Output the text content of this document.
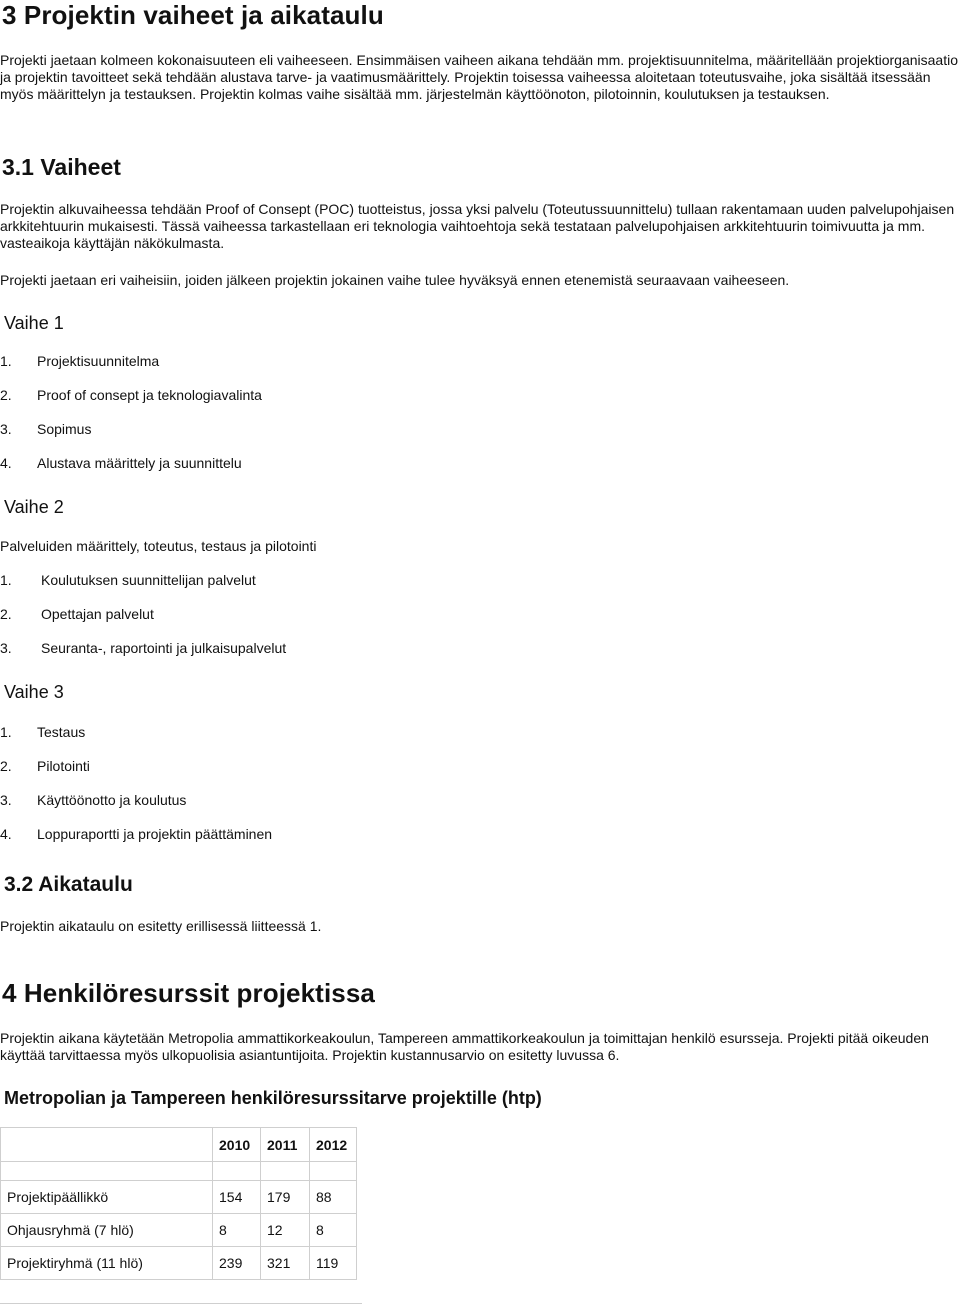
3 Projektin vaiheet ja aikataulu

Projekti jaetaan kolmeen kokonaisuuteen eli vaiheeseen. Ensimmäisen vaiheen aikana tehdään mm. projektisuunnitelma, määritellään projektiorganisaatio ja projektin tavoitteet sekä tehdään alustava tarve- ja vaatimusmäärittely. Projektin toisessa vaiheessa aloitetaan toteutusvaihe, joka sisältää itsessään myös määrittelyn ja testauksen. Projektin kolmas vaihe sisältää mm. järjestelmän käyttöönoton, pilotoinnin, koulutuksen ja testauksen.

3.1 Vaiheet

Projektin alkuvaiheessa tehdään Proof of Consept (POC) tuotteistus, jossa yksi palvelu (Toteutussuunnittelu) tullaan rakentamaan uuden palvelupohjaisen arkkitehtuurin mukaisesti. Tässä vaiheessa tarkastellaan eri teknologia vaihtoehtoja sekä testataan palvelupohjaisen arkkitehtuurin toimivuutta ja mm. vasteaikoja käyttäjän näkökulmasta.

Projekti jaetaan eri vaiheisiin, joiden jälkeen projektin jokainen vaihe tulee hyväksyä ennen etenemistä seuraavaan vaiheeseen.

Vaihe 1
1. Projektisuunnitelma
2. Proof of consept ja teknologiavalinta
3. Sopimus
4. Alustava määrittely ja suunnittelu
Vaihe 2

Palveluiden määrittely, toteutus, testaus ja pilotointi

1. Koulutuksen suunnittelijan palvelut
2. Opettajan palvelut
3. Seuranta-, raportointi ja julkaisupalvelut
Vaihe 3
1. Testaus
2. Pilotointi
3. Käyttöönotto ja koulutus
4. Loppuraportti ja projektin päättäminen
3.2 Aikataulu

Projektin aikataulu on esitetty erillisessä liitteessä 1.

4 Henkilöresurssit projektissa

Projektin aikana käytetään Metropolia ammattikorkeakoulun, Tampereen ammattikorkeakoulun ja toimittajan henkilö esursseja. Projekti pitää oikeuden käyttää tarvittaessa myös ulkopuolisia asiantuntijoita. Projektin kustannusarvio on esitetty luvussa 6.

Metropolian ja Tampereen henkilöresurssitarve projektille (htp)
	2010	2011	2012

Projektipäällikkö	154	179	88
Ohjausryhmä (7 hlö)	8	12	8
Projektiryhmä (11 hlö)	239	321	119
